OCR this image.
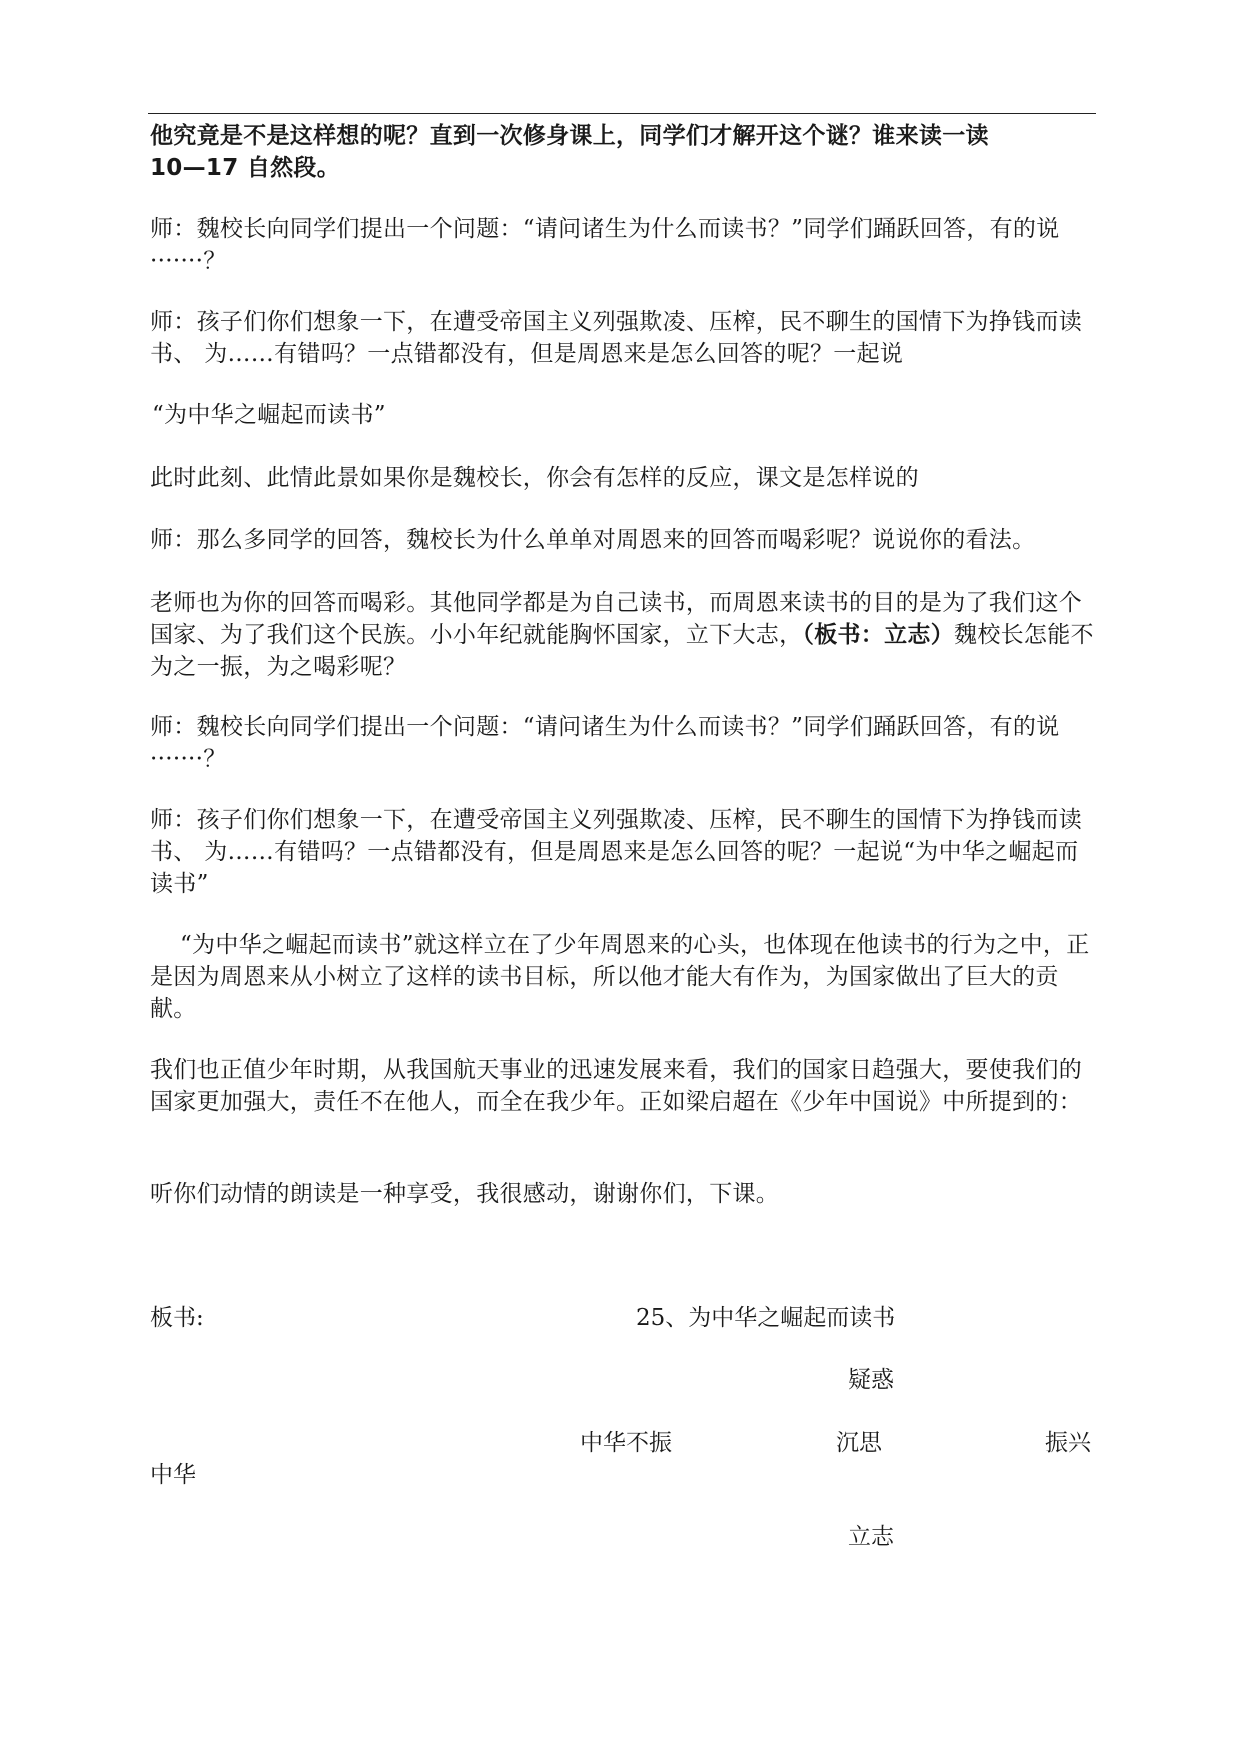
他究竟是不是这样想的呢？直到一次修身课上，同学们才解开这个谜？谁来读一读
10—17 自然段。

师：魏校长向同学们提出一个问题：“请问诸生为什么而读书？”同学们踊跃回答，有的说·······？

师：孩子们你们想象一下，在遭受帝国主义列强欺凌、压榨，民不聊生的国情下为挣钱而读书、 为……有错吗？一点错都没有，但是周恩来是怎么回答的呢？一起说

“为中华之崛起而读书”

此时此刻、此情此景如果你是魏校长，你会有怎样的反应，课文是怎样说的

师：那么多同学的回答，魏校长为什么单单对周恩来的回答而喝彩呢？说说你的看法。

老师也为你的回答而喝彩。其他同学都是为自己读书，而周恩来读书的目的是为了我们这个国家、为了我们这个民族。小小年纪就能胸怀国家，立下大志，（板书：立志）魏校长怎能不为之一振，为之喝彩呢？

师：魏校长向同学们提出一个问题：“请问诸生为什么而读书？”同学们踊跃回答，有的说·······？

师：孩子们你们想象一下，在遭受帝国主义列强欺凌、压榨，民不聊生的国情下为挣钱而读书、 为……有错吗？一点错都没有，但是周恩来是怎么回答的呢？一起说“为中华之崛起而读书”

“为中华之崛起而读书”就这样立在了少年周恩来的心头，也体现在他读书的行为之中，正是因为周恩来从小树立了这样的读书目标，所以他才能大有作为，为国家做出了巨大的贡献。

我们也正值少年时期，从我国航天事业的迅速发展来看，我们的国家日趋强大，要使我们的国家更加强大，责任不在他人，而全在我少年。正如梁启超在《少年中国说》中所提到的：

听你们动情的朗读是一种享受，我很感动，谢谢你们，下课。

板书:	25、为中华之崛起而读书
疑惑
中华不振	沉思	振兴
中华
立志
